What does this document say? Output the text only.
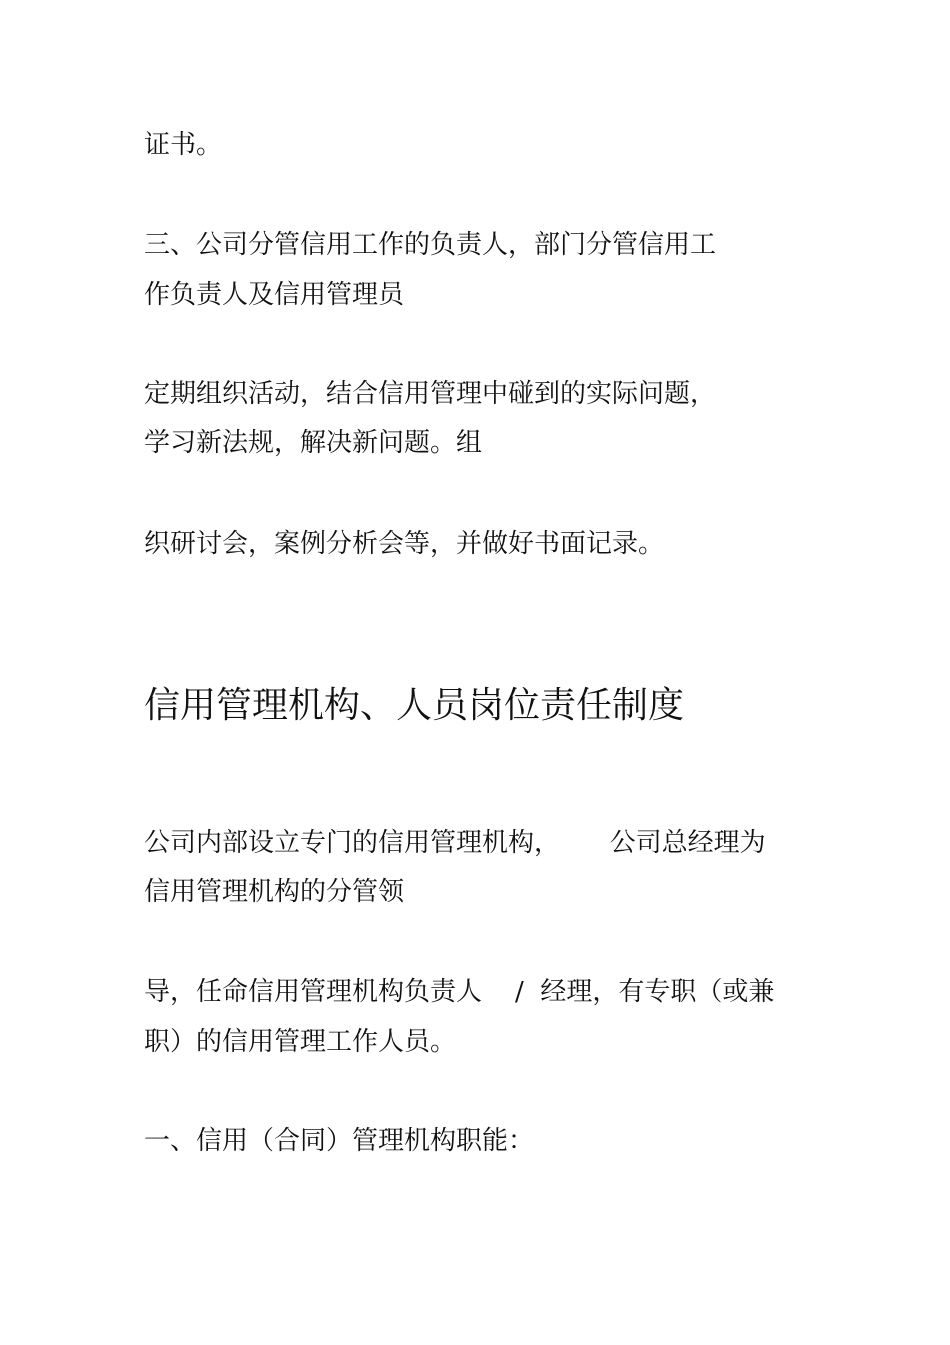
证书。

三、公司分管信用工作的负责人，部门分管信用工

作负责人及信用管理员

定期组织活动，结合信用管理中碰到的实际问题，

学习新法规，解决新问题。组

织研讨会，案例分析会等，并做好书面记录。

信用管理机构、人员岗位责任制度

公司内部设立专门的信用管理机构，      公司总经理为

信用管理机构的分管领

导，任命信用管理机构负责人    /  经理，有专职（或兼

职）的信用管理工作人员。

一、信用（合同）管理机构职能：
